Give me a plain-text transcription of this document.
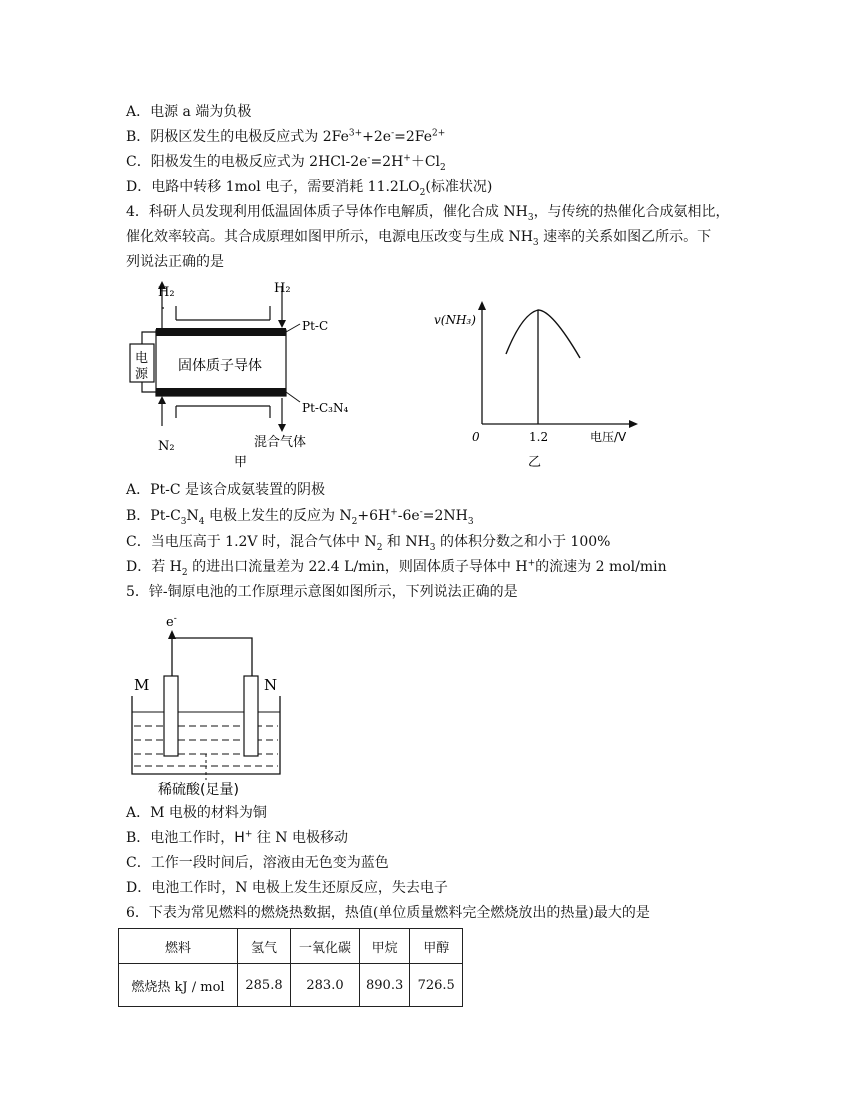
A．电源 a 端为负极
B．阴极区发生的电极反应式为 $2Fe^{3+}+2e^-=2Fe^{2+}$
C．阳极发生的电极反应式为 $2HCl-2e^-=2H^++Cl_2$
D．电路中转移 1mol 电子，需要消耗 $11.2LO_2$(标准状况)
4．科研人员发现利用低温固体质子导体作电解质，催化合成 $NH_3$，与传统的热催化合成氨相比，
催化效率较高。其合成原理如图甲所示，电源电压改变与生成 $NH_3$ 速率的关系如图乙所示。下
列说法正确的是
H₂	H₂
Pt-C
Pt-C₃N₄
电
源
固体质子导体
N₂	混合气体
甲
v(NH₃)
0	1.2	电压/V
乙
A．Pt-C 是该合成氨装置的阴极
B．$Pt-C_3N_4$ 电极上发生的反应为 $N_2+6H^+-6e^-=2NH_3$
C．当电压高于 1.2V 时，混合气体中 $N_2$ 和 $NH_3$ 的体积分数之和小于 100%
D．若 $H_2$ 的进出口流量差为 22.4 L/min，则固体质子导体中 H+的流速为 2 mol/min
5．锌-铜原电池的工作原理示意图如图所示，下列说法正确的是
e-
M	N
稀硫酸(足量)
A．M 电极的材料为铜
B．电池工作时，H+ 往 N 电极移动
C．工作一段时间后，溶液由无色变为蓝色
D．电池工作时，N 电极上发生还原反应，失去电子
6．下表为常见燃料的燃烧热数据，热值(单位质量燃料完全燃烧放出的热量)最大的是
燃料	氢气	一氧化碳	甲烷	甲醇
燃烧热 kJ / mol	285.8	283.0	890.3	726.5
